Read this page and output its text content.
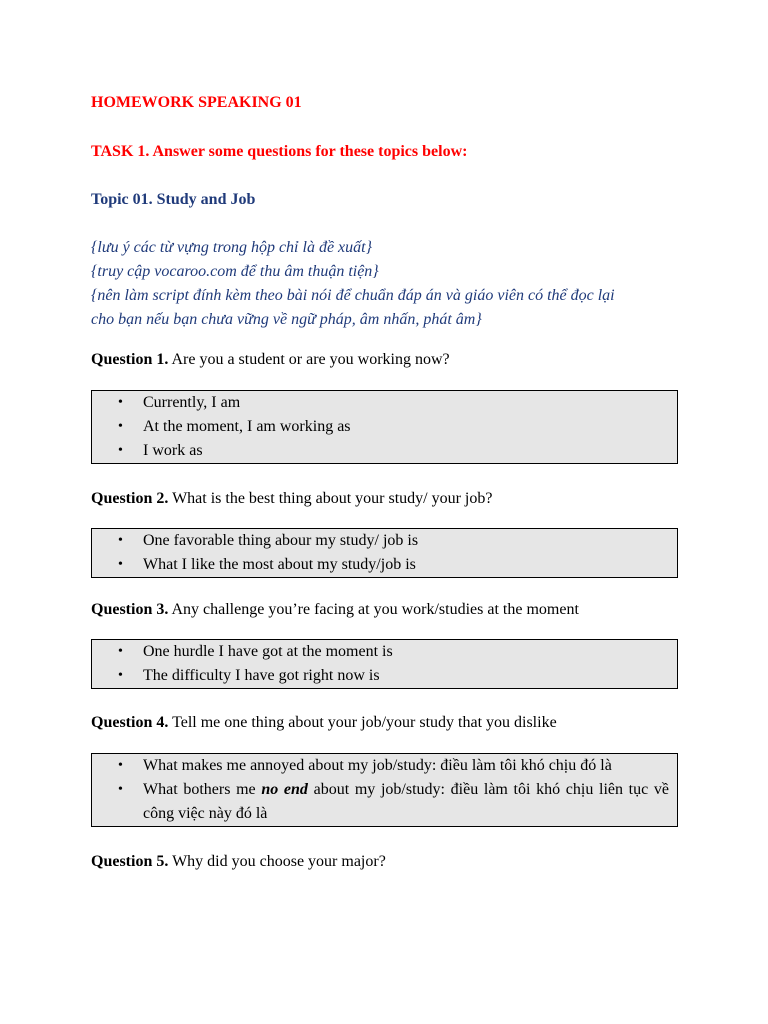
HOMEWORK SPEAKING 01

TASK 1. Answer some questions for these topics below:

Topic 01. Study and Job

{lưu ý các từ vựng trong hộp chỉ là đề xuất}

{truy cập vocaroo.com để thu âm thuận tiện}

{nên làm script đính kèm theo bài nói để chuẩn đáp án và giáo viên có thể đọc lại

cho bạn nếu bạn chưa vững về ngữ pháp, âm nhấn, phát âm}

Question 1. Are you a student or are you working now?

• Currently, I am
• At the moment, I am working as
• I work as

Question 2. What is the best thing about your study/ your job?

• One favorable thing abour my study/ job is
• What I like the most about my study/job is

Question 3. Any challenge you’re facing at you work/studies at the moment

• One hurdle I have got at the moment is
• The difficulty I have got right now is

Question 4. Tell me one thing about your job/your study that you dislike

• What makes me annoyed about my job/study: điều làm tôi khó chịu đó là
• What bothers me no end about my job/study: điều làm tôi khó chịu liên tục về công việc này đó là

Question 5. Why did you choose your major?
